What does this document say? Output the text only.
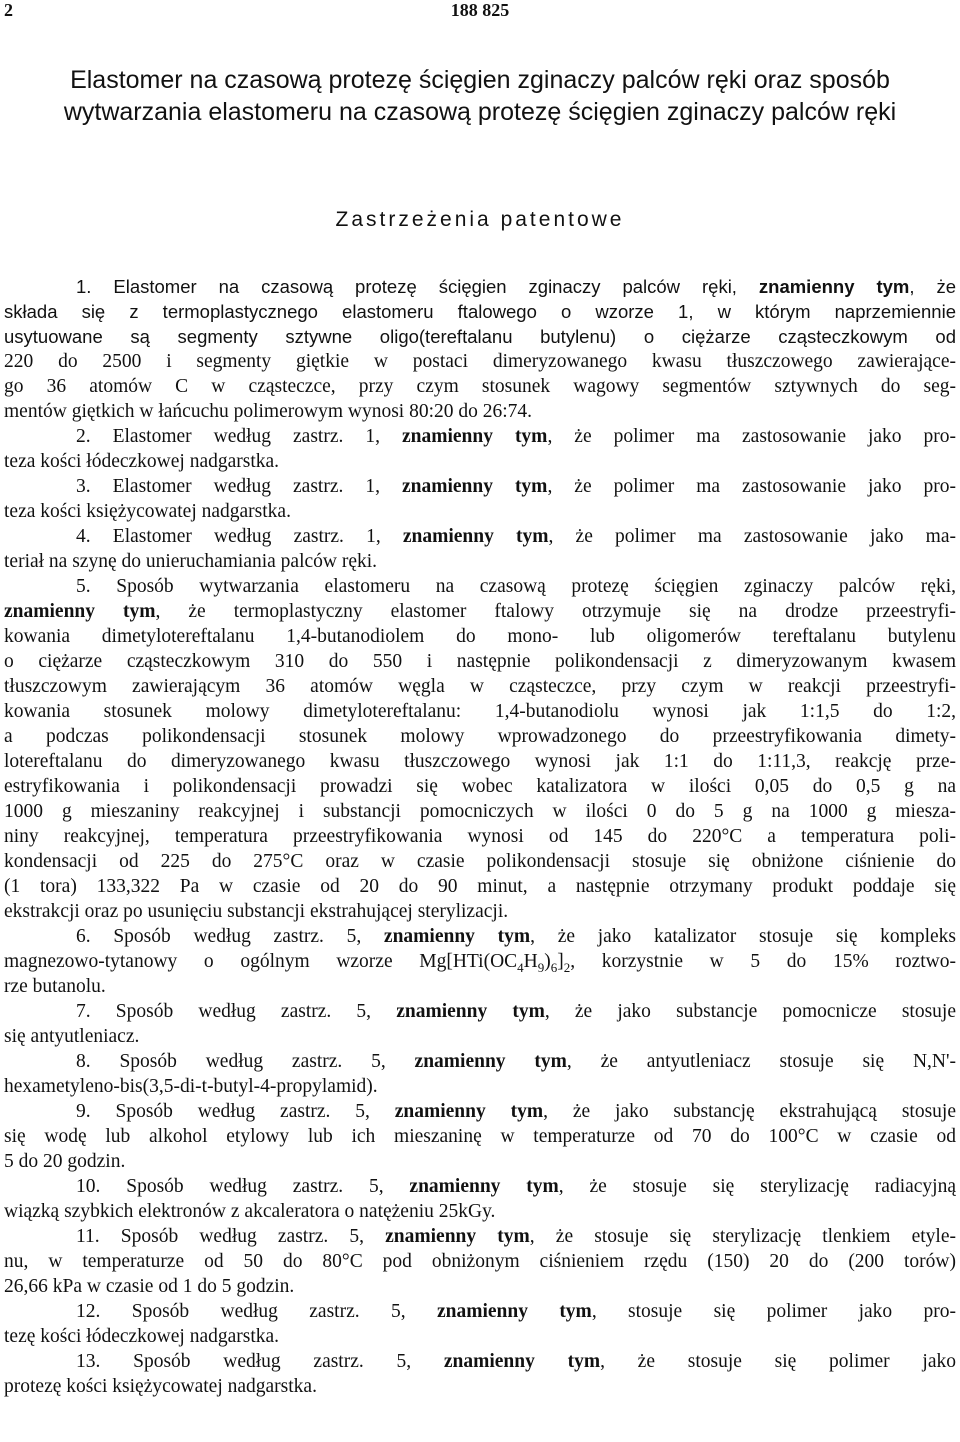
2	188 825
Elastomer na czasową protezę ścięgien zginaczy palców ręki oraz sposób
wytwarzania elastomeru na czasową protezę ścięgien zginaczy palców ręki
Zastrzeżenia patentowe
1. Elastomer na czasową protezę ścięgien zginaczy palców ręki, znamienny tym, że
składa się z termoplastycznego elastomeru ftalowego o wzorze 1, w którym naprzemiennie
usytuowane są segmenty sztywne oligo(tereftalanu butylenu) o ciężarze cząsteczkowym od
220 do 2500 i segmenty giętkie w postaci dimeryzowanego kwasu tłuszczowego zawierające-
go 36 atomów C w cząsteczce, przy czym stosunek wagowy segmentów sztywnych do seg-
mentów giętkich w łańcuchu polimerowym wynosi 80:20 do 26:74.
2. Elastomer według zastrz. 1, znamienny tym, że polimer ma zastosowanie jako pro-
teza kości łódeczkowej nadgarstka.
3. Elastomer według zastrz. 1, znamienny tym, że polimer ma zastosowanie jako pro-
teza kości księżycowatej nadgarstka.
4. Elastomer według zastrz. 1, znamienny tym, że polimer ma zastosowanie jako ma-
teriał na szynę do unieruchamiania palców ręki.
5. Sposób wytwarzania elastomeru na czasową protezę ścięgien zginaczy palców ręki,
znamienny tym, że termoplastyczny elastomer ftalowy otrzymuje się na drodze przeestryfi-
kowania dimetylotereftalanu 1,4-butanodiolem do mono- lub oligomerów tereftalanu butylenu
o ciężarze cząsteczkowym 310 do 550 i następnie polikondensacji z dimeryzowanym kwasem
tłuszczowym zawierającym 36 atomów węgla w cząsteczce, przy czym w reakcji przeestryfi-
kowania stosunek molowy dimetylotereftalanu: 1,4-butanodiolu wynosi jak 1:1,5 do 1:2,
a podczas polikondensacji stosunek molowy wprowadzonego do przeestryfikowania dimety-
lotereftalanu do dimeryzowanego kwasu tłuszczowego wynosi jak 1:1 do 1:11,3, reakcję prze-
estryfikowania i polikondensacji prowadzi się wobec katalizatora w ilości 0,05 do 0,5 g na
1000 g mieszaniny reakcyjnej i substancji pomocniczych w ilości 0 do 5 g na 1000 g miesza-
niny reakcyjnej, temperatura przeestryfikowania wynosi od 145 do 220°C a temperatura poli-
kondensacji od 225 do 275°C oraz w czasie polikondensacji stosuje się obniżone ciśnienie do
(1 tora) 133,322 Pa w czasie od 20 do 90 minut, a następnie otrzymany produkt poddaje się
ekstrakcji oraz po usunięciu substancji ekstrahującej sterylizacji.
6. Sposób według zastrz. 5, znamienny tym, że jako katalizator stosuje się kompleks
magnezowo-tytanowy o ogólnym wzorze $Mg[HTi(OC_4H_9)_6]_2$, korzystnie w 5 do 15% roztwo-
rze butanolu.
7. Sposób według zastrz. 5, znamienny tym, że jako substancje pomocnicze stosuje
się antyutleniacz.
8. Sposób według zastrz. 5, znamienny tym, że antyutleniacz stosuje się N,N'-
hexametyleno-bis(3,5-di-t-butyl-4-propylamid).
9. Sposób według zastrz. 5, znamienny tym, że jako substancję ekstrahującą stosuje
się wodę lub alkohol etylowy lub ich mieszaninę w temperaturze od 70 do 100°C w czasie od
5 do 20 godzin.
10. Sposób według zastrz. 5, znamienny tym, że stosuje się sterylizację radiacyjną
wiązką szybkich elektronów z akcaleratora o natężeniu 25kGy.
11. Sposób według zastrz. 5, znamienny tym, że stosuje się sterylizację tlenkiem etyle-
nu, w temperaturze od 50 do 80°C pod obniżonym ciśnieniem rzędu (150) 20 do (200 torów)
26,66 kPa w czasie od 1 do 5 godzin.
12. Sposób według zastrz. 5, znamienny tym, stosuje się polimer jako pro-
tezę kości łódeczkowej nadgarstka.
13. Sposób według zastrz. 5, znamienny tym, że stosuje się polimer jako
protezę kości księżycowatej nadgarstka.
